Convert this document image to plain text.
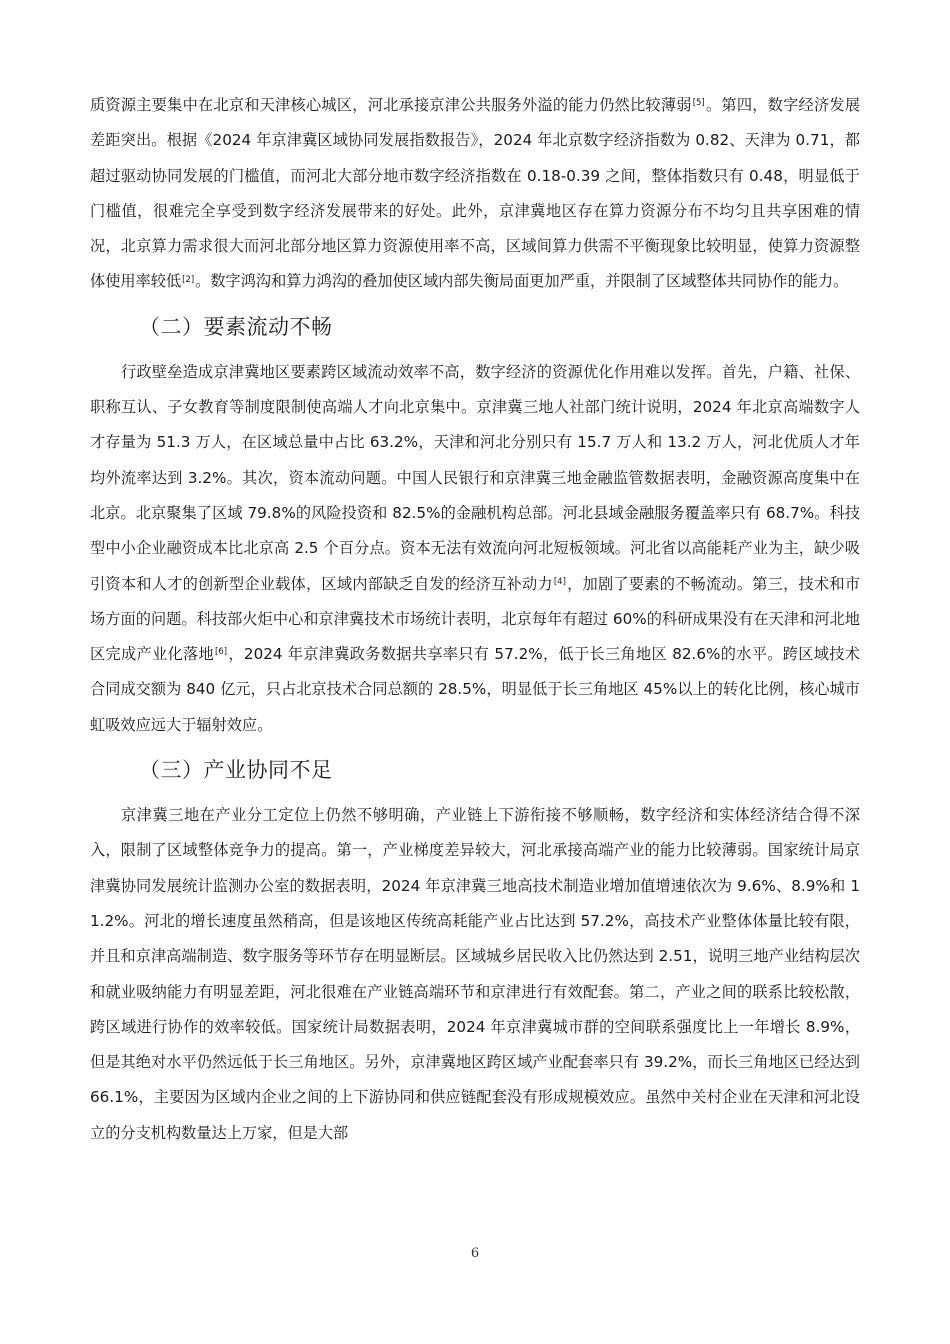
质资源主要集中在北京和天津核心城区，河北承接京津公共服务外溢的能力仍然比较薄弱[5]。第四，数字经济发展差距突出。根据《2024 年京津冀区域协同发展指数报告》，2024 年北京数字经济指数为 0.82、天津为 0.71，都超过驱动协同发展的门槛值，而河北大部分地市数字经济指数在 0.18-0.39 之间，整体指数只有 0.48，明显低于门槛值，很难完全享受到数字经济发展带来的好处。此外，京津冀地区存在算力资源分布不均匀且共享困难的情况，北京算力需求很大而河北部分地区算力资源使用率不高，区域间算力供需不平衡现象比较明显，使算力资源整体使用率较低[2]。数字鸿沟和算力鸿沟的叠加使区域内部失衡局面更加严重，并限制了区域整体共同协作的能力。

（二）要素流动不畅

行政壁垒造成京津冀地区要素跨区域流动效率不高，数字经济的资源优化作用难以发挥。首先，户籍、社保、职称互认、子女教育等制度限制使高端人才向北京集中。京津冀三地人社部门统计说明，2024 年北京高端数字人才存量为 51.3 万人，在区域总量中占比 63.2%，天津和河北分别只有 15.7 万人和 13.2 万人，河北优质人才年均外流率达到 3.2%。其次，资本流动问题。中国人民银行和京津冀三地金融监管数据表明，金融资源高度集中在北京。北京聚集了区域 79.8%的风险投资和 82.5%的金融机构总部。河北县域金融服务覆盖率只有 68.7%。科技型中小企业融资成本比北京高 2.5 个百分点。资本无法有效流向河北短板领域。河北省以高能耗产业为主，缺少吸引资本和人才的创新型企业载体，区域内部缺乏自发的经济互补动力[4]，加剧了要素的不畅流动。第三，技术和市场方面的问题。科技部火炬中心和京津冀技术市场统计表明，北京每年有超过 60%的科研成果没有在天津和河北地区完成产业化落地[6]，2024 年京津冀政务数据共享率只有 57.2%，低于长三角地区 82.6%的水平。跨区域技术合同成交额为 840 亿元，只占北京技术合同总额的 28.5%，明显低于长三角地区 45%以上的转化比例，核心城市虹吸效应远大于辐射效应。

（三）产业协同不足

京津冀三地在产业分工定位上仍然不够明确，产业链上下游衔接不够顺畅，数字经济和实体经济结合得不深入，限制了区域整体竞争力的提高。第一，产业梯度差异较大，河北承接高端产业的能力比较薄弱。国家统计局京津冀协同发展统计监测办公室的数据表明，2024 年京津冀三地高技术制造业增加值增速依次为 9.6%、8.9%和 11.2%。河北的增长速度虽然稍高，但是该地区传统高耗能产业占比达到 57.2%，高技术产业整体体量比较有限，并且和京津高端制造、数字服务等环节存在明显断层。区域城乡居民收入比仍然达到 2.51，说明三地产业结构层次和就业吸纳能力有明显差距，河北很难在产业链高端环节和京津进行有效配套。第二，产业之间的联系比较松散，跨区域进行协作的效率较低。国家统计局数据表明，2024 年京津冀城市群的空间联系强度比上一年增长 8.9%，但是其绝对水平仍然远低于长三角地区。另外，京津冀地区跨区域产业配套率只有 39.2%，而长三角地区已经达到 66.1%，主要因为区域内企业之间的上下游协同和供应链配套没有形成规模效应。虽然中关村企业在天津和河北设立的分支机构数量达上万家，但是大部

6
